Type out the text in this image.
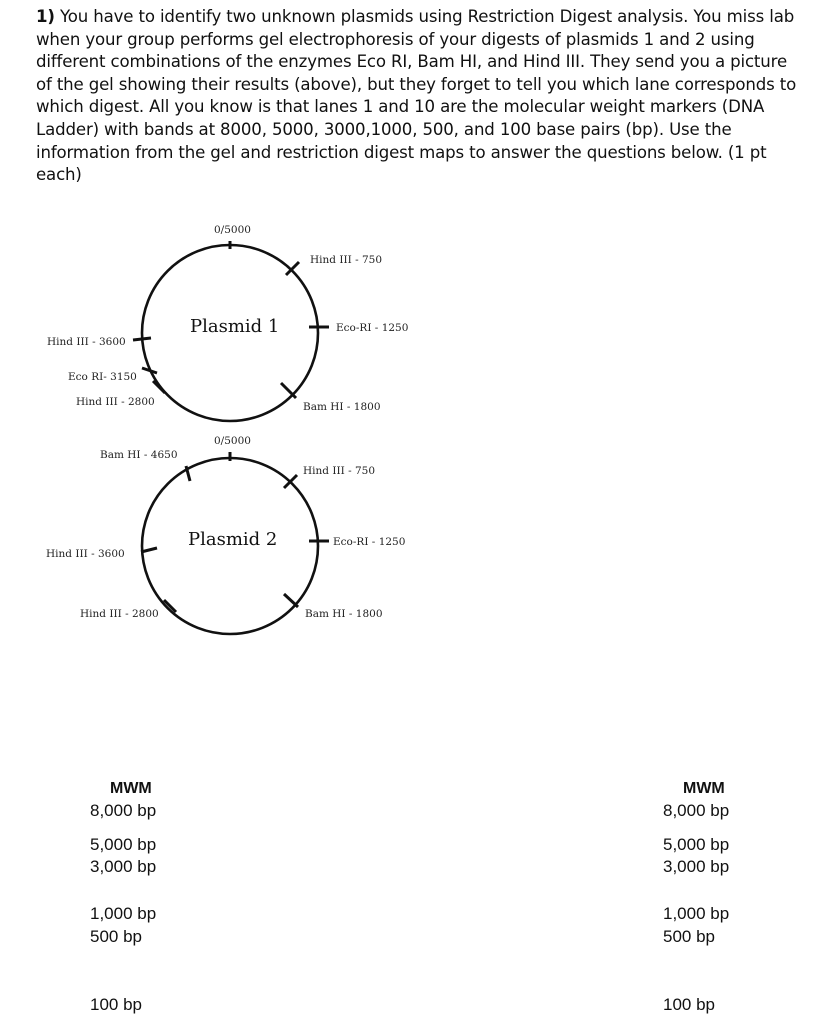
1) You have to identify two unknown plasmids using Restriction Digest analysis. You miss lab when your group performs gel electrophoresis of your digests of plasmids 1 and 2 using different combinations of the enzymes Eco RI, Bam HI, and Hind III. They send you a picture of the gel showing their results (above), but they forget to tell you which lane corresponds to which digest. All you know is that lanes 1 and 10 are the molecular weight markers (DNA Ladder) with bands at 8000, 5000, 3000,1000, 500, and 100 base pairs (bp). Use the information from the gel and restriction digest maps to answer the questions below. (1 pt each)
0/5000
Hind III - 750
Eco-RI - 1250
Bam HI - 1800
Hind III - 2800
Eco RI- 3150
Hind III - 3600
Plasmid 1
0/5000
Hind III - 750
Eco-RI - 1250
Bam HI - 1800
Hind III - 2800
Hind III - 3600
Bam HI - 4650
Plasmid 2
MWM
8,000 bp
5,000 bp
3,000 bp
1,000 bp
500 bp
100 bp
MWM
8,000 bp
5,000 bp
3,000 bp
1,000 bp
500 bp
100 bp
